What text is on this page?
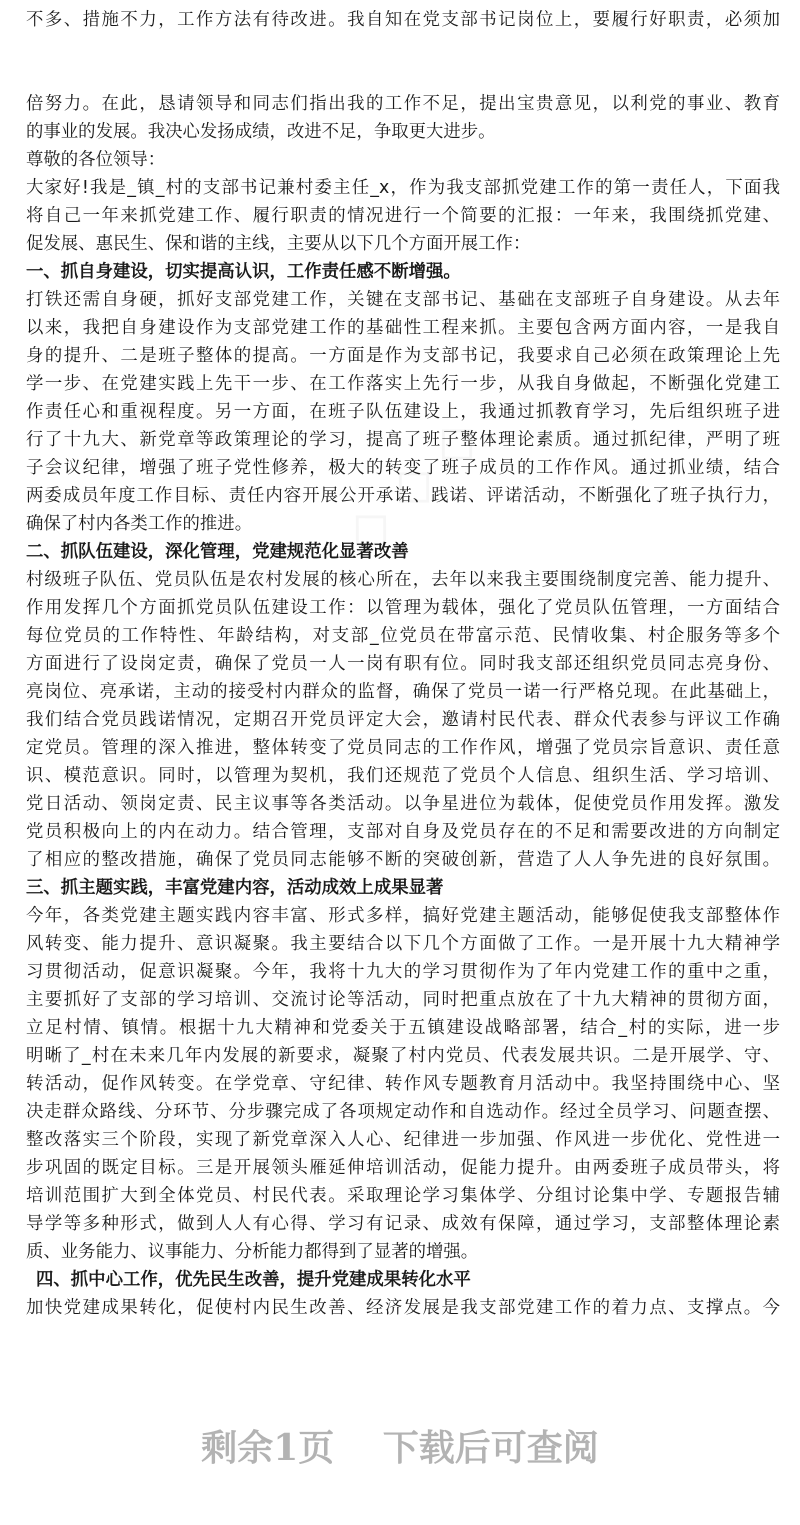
不多、措施不力，工作方法有待改进。我自知在党支部书记岗位上，要履行好职责，必须加
倍努力。在此，恳请领导和同志们指出我的工作不足，提出宝贵意见，以利党的事业、教育
的事业的发展。我决心发扬成绩，改进不足，争取更大进步。
尊敬的各位领导：
大家好!我是_镇_村的支部书记兼村委主任_x，作为我支部抓党建工作的第一责任人，下面我
将自己一年来抓党建工作、履行职责的情况进行一个简要的汇报：一年来，我围绕抓党建、
促发展、惠民生、保和谐的主线，主要从以下几个方面开展工作：
一、抓自身建设，切实提高认识，工作责任感不断增强。
打铁还需自身硬，抓好支部党建工作，关键在支部书记、基础在支部班子自身建设。从去年
以来，我把自身建设作为支部党建工作的基础性工程来抓。主要包含两方面内容，一是我自
身的提升、二是班子整体的提高。一方面是作为支部书记，我要求自己必须在政策理论上先
学一步、在党建实践上先干一步、在工作落实上先行一步，从我自身做起，不断强化党建工
作责任心和重视程度。另一方面，在班子队伍建设上，我通过抓教育学习，先后组织班子进
行了十九大、新党章等政策理论的学习，提高了班子整体理论素质。通过抓纪律，严明了班
子会议纪律，增强了班子党性修养，极大的转变了班子成员的工作作风。通过抓业绩，结合
两委成员年度工作目标、责任内容开展公开承诺、践诺、评诺活动，不断强化了班子执行力，
确保了村内各类工作的推进。
二、抓队伍建设，深化管理，党建规范化显著改善
村级班子队伍、党员队伍是农村发展的核心所在，去年以来我主要围绕制度完善、能力提升、
作用发挥几个方面抓党员队伍建设工作：以管理为载体，强化了党员队伍管理，一方面结合
每位党员的工作特性、年龄结构，对支部_位党员在带富示范、民情收集、村企服务等多个
方面进行了设岗定责，确保了党员一人一岗有职有位。同时我支部还组织党员同志亮身份、
亮岗位、亮承诺，主动的接受村内群众的监督，确保了党员一诺一行严格兑现。在此基础上，
我们结合党员践诺情况，定期召开党员评定大会，邀请村民代表、群众代表参与评议工作确
定党员。管理的深入推进，整体转变了党员同志的工作作风，增强了党员宗旨意识、责任意
识、模范意识。同时，以管理为契机，我们还规范了党员个人信息、组织生活、学习培训、
党日活动、领岗定责、民主议事等各类活动。以争星进位为载体，促使党员作用发挥。激发
党员积极向上的内在动力。结合管理，支部对自身及党员存在的不足和需要改进的方向制定
了相应的整改措施，确保了党员同志能够不断的突破创新，营造了人人争先进的良好氛围。
三、抓主题实践，丰富党建内容，活动成效上成果显著
今年，各类党建主题实践内容丰富、形式多样，搞好党建主题活动，能够促使我支部整体作
风转变、能力提升、意识凝聚。我主要结合以下几个方面做了工作。一是开展十九大精神学
习贯彻活动，促意识凝聚。今年，我将十九大的学习贯彻作为了年内党建工作的重中之重，
主要抓好了支部的学习培训、交流讨论等活动，同时把重点放在了十九大精神的贯彻方面，
立足村情、镇情。根据十九大精神和党委关于五镇建设战略部署，结合_村的实际，进一步
明晰了_村在未来几年内发展的新要求，凝聚了村内党员、代表发展共识。二是开展学、守、
转活动，促作风转变。在学党章、守纪律、转作风专题教育月活动中。我坚持围绕中心、坚
决走群众路线、分环节、分步骤完成了各项规定动作和自选动作。经过全员学习、问题查摆、
整改落实三个阶段，实现了新党章深入人心、纪律进一步加强、作风进一步优化、党性进一
步巩固的既定目标。三是开展领头雁延伸培训活动，促能力提升。由两委班子成员带头，将
培训范围扩大到全体党员、村民代表。采取理论学习集体学、分组讨论集中学、专题报告辅
导学等多种形式，做到人人有心得、学习有记录、成效有保障，通过学习，支部整体理论素
质、业务能力、议事能力、分析能力都得到了显著的增强。
四、抓中心工作，优先民生改善，提升党建成果转化水平
加快党建成果转化，促使村内民生改善、经济发展是我支部党建工作的着力点、支撑点。今
剩余1页 下载后可查阅
